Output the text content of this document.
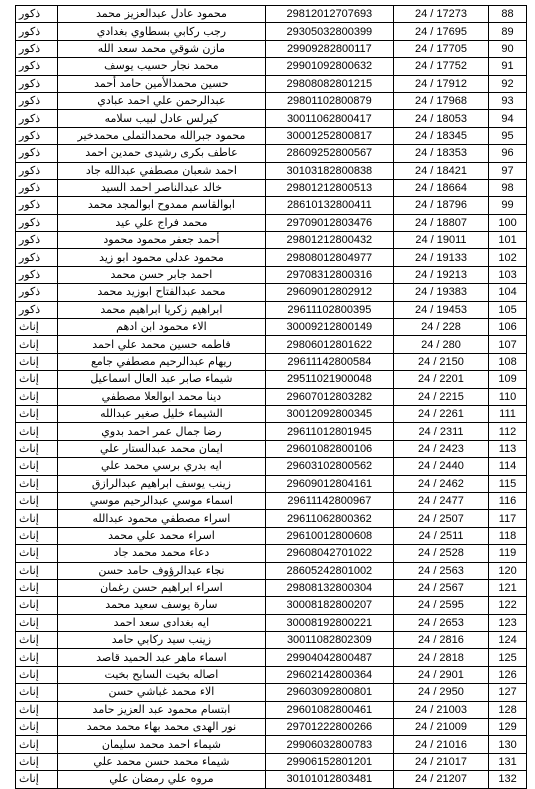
ذكور	محمود عادل عبدالعزيز محمد	29812012707693	24 / 17273	88
ذكور	رجب ركابي بسطاوي بغدادي	29305032800399	24 / 17695	89
ذكور	مازن شوقي محمد سعد الله	29909282800117	24 / 17705	90
ذكور	محمد نجار حسيب يوسف	29901092800632	24 / 17752	91
ذكور	حسين محمدالأمين حامد أحمد	29808082801215	24 / 17912	92
ذكور	عبدالرحمن علي احمد عبادي	29801102800879	24 / 17968	93
ذكور	كيرلس عادل لبيب سلامه	30011062800417	24 / 18053	94
ذكور	محمود جبرالله محمدالتملى محمدخير	30001252800817	24 / 18345	95
ذكور	عاطف بكرى رشيدى حمدين احمد	28609252800567	24 / 18353	96
ذكور	احمد شعبان مصطفي عبدالله جاد	30103182800838	24 / 18421	97
ذكور	خالد عبدالناصر احمد السيد	29801212800513	24 / 18664	98
ذكور	ابوالقاسم ممدوح ابوالمجد محمد	28610132800411	24 / 18796	99
ذكور	محمد فراج علي عيد	29709012803476	24 / 18807	100
ذكور	أحمد جعفر محمود محمود	29801212800432	24 / 19011	101
ذكور	محمود عدلى محمود ابو زيد	29808012804977	24 / 19133	102
ذكور	احمد جابر حسن محمد	29708312800316	24 / 19213	103
ذكور	محمد عبدالفتاح ابوزيد محمد	29609012802912	24 / 19383	104
ذكور	ابراهيم زكريا ابراهيم محمد	29611102800395	24 / 19453	105
إناث	الاء محمود ابن ادهم	30009212800149	24 / 228	106
إناث	فاطمه حسين محمد علي احمد	29806012801622	24 / 280	107
إناث	ريهام عبدالرحيم مصطفي جامع	29611142800584	24 / 2150	108
إناث	شيماء صابر عبد العال اسماعيل	29511021900048	24 / 2201	109
إناث	دينا محمد ابوالعلا مصطفي	29607012803282	24 / 2215	110
إناث	الشيماء خليل صغير عبدالله	30012092800345	24 / 2261	111
إناث	رضا جمال عمر احمد بدوي	29611012801945	24 / 2311	112
إناث	ايمان محمد عبدالستار علي	29601082800106	24 / 2423	113
إناث	ايه بدري برسي محمد علي	29603102800562	24 / 2440	114
إناث	زينب يوسف ابراهيم عبدالرازق	29609012804161	24 / 2462	115
إناث	اسماء موسي عبدالرحيم موسي	29611142800967	24 / 2477	116
إناث	اسراء مصطفي محمود عبدالله	29611062800362	24 / 2507	117
إناث	اسراء محمد علي محمد	29610012800608	24 / 2511	118
إناث	دعاء محمد محمد جاد	29608042701022	24 / 2528	119
إناث	نجاء عبدالرؤوف حامد حسن	28605242801002	24 / 2563	120
إناث	اسراء ابراهيم حسن رغمان	29808132800304	24 / 2567	121
إناث	سارة يوسف سعيد محمد	30008182800207	24 / 2595	122
إناث	ايه بغدادى سعد احمد	30008192800221	24 / 2653	123
إناث	زينب سيد ركابي حامد	30011082802309	24 / 2816	124
إناث	اسماء ماهر عبد الحميد قاصد	29904042800487	24 / 2818	125
إناث	اصاله بخيت السابح بخيت	29602142800364	24 / 2901	126
إناث	الاء محمد غباشي حسن	29603092800801	24 / 2950	127
إناث	ابتسام محمود عبد العزيز حامد	29601082800461	24 / 21003	128
إناث	نور الهدى محمد بهاء محمد محمد	29701222800266	24 / 21009	129
إناث	شيماء احمد محمد سليمان	29906032800783	24 / 21016	130
إناث	شيماء محمد حسن محمد علي	29906152801201	24 / 21017	131
إناث	مروه علي رمضان علي	30101012803481	24 / 21207	132
